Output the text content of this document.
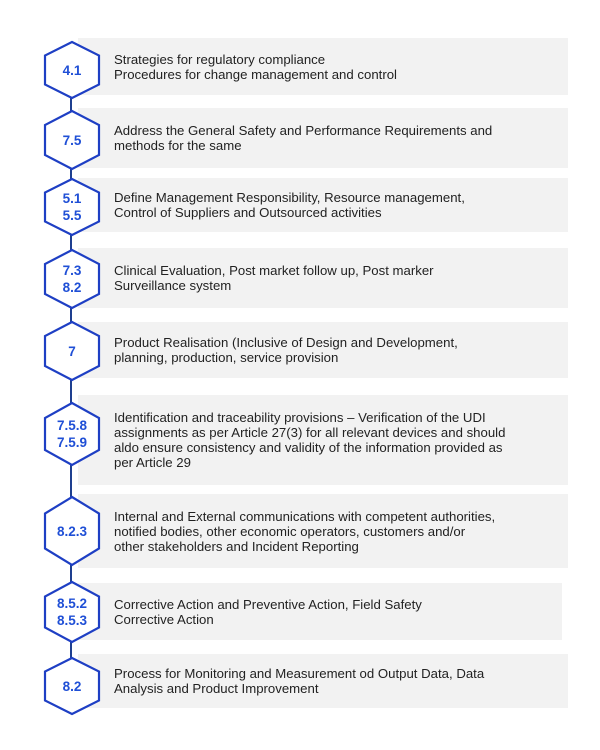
Strategies for regulatory compliance
Procedures for change management and control
4.1
Address the General Safety and Performance Requirements and
methods for the same
7.5
Define Management Responsibility, Resource management,
Control of Suppliers and Outsourced activities
5.1
5.5
Clinical Evaluation, Post market follow up, Post marker
Surveillance system
7.3
8.2
Product Realisation (Inclusive of Design and Development,
planning, production, service provision
7
Identification and traceability provisions – Verification of the UDI
assignments as per Article 27(3) for all relevant devices and should
aldo ensure consistency and validity of the information provided as
per Article 29
7.5.8
7.5.9
Internal and External communications with competent authorities,
notified bodies, other economic operators, customers and/or
other stakeholders and Incident Reporting
8.2.3
Corrective Action and Preventive Action, Field Safety
Corrective Action
8.5.2
8.5.3
Process for Monitoring and Measurement od Output Data, Data
Analysis and Product Improvement
8.2
